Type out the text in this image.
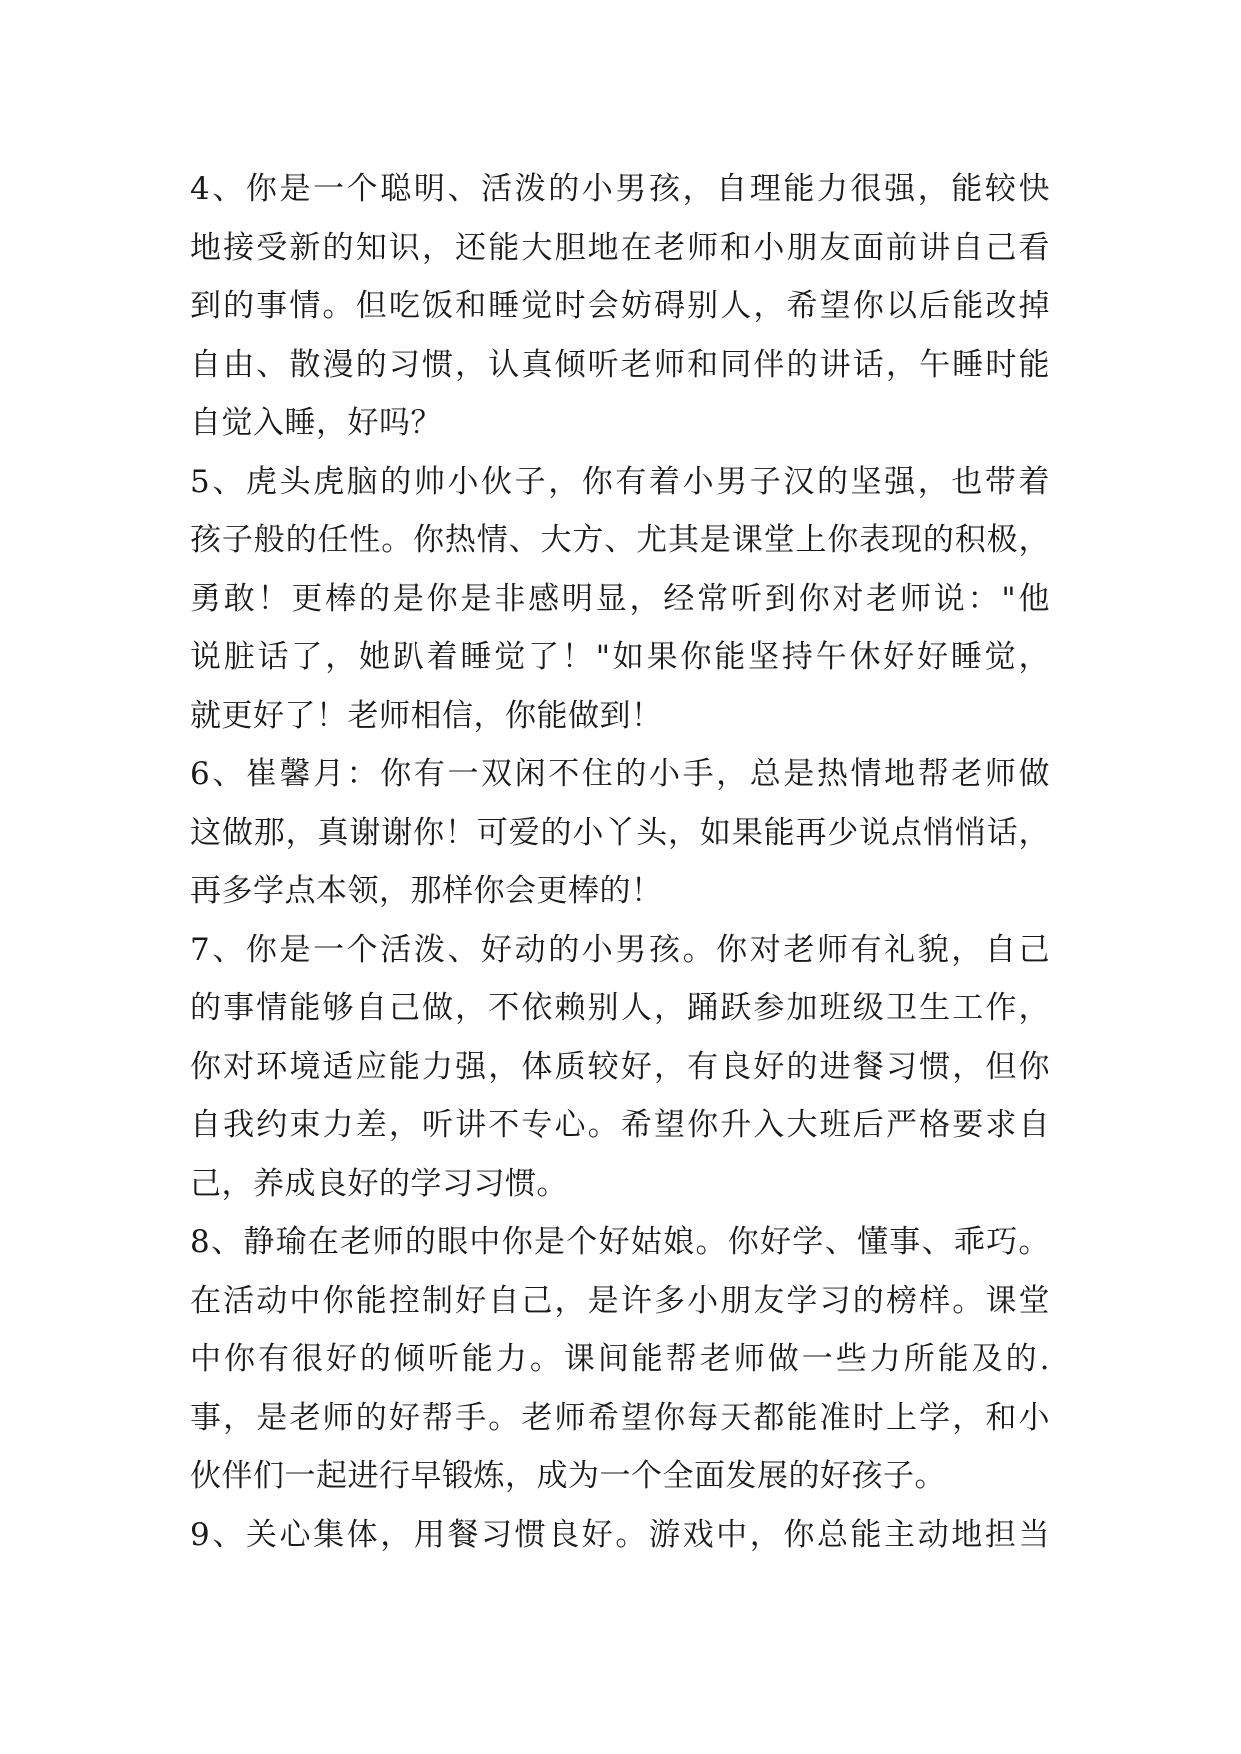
4、你是一个聪明、活泼的小男孩，自理能力很强，能较快
地接受新的知识，还能大胆地在老师和小朋友面前讲自己看
到的事情。但吃饭和睡觉时会妨碍别人，希望你以后能改掉
自由、散漫的习惯，认真倾听老师和同伴的讲话，午睡时能
自觉入睡，好吗？
5、虎头虎脑的帅小伙子，你有着小男子汉的坚强，也带着
孩子般的任性。你热情、大方、尤其是课堂上你表现的积极，
勇敢！更棒的是你是非感明显，经常听到你对老师说："他
说脏话了，她趴着睡觉了！"如果你能坚持午休好好睡觉，
就更好了！老师相信，你能做到！
6、崔馨月：你有一双闲不住的小手，总是热情地帮老师做
这做那，真谢谢你！可爱的小丫头，如果能再少说点悄悄话，
再多学点本领，那样你会更棒的！
7、你是一个活泼、好动的小男孩。你对老师有礼貌，自己
的事情能够自己做，不依赖别人，踊跃参加班级卫生工作，
你对环境适应能力强，体质较好，有良好的进餐习惯，但你
自我约束力差，听讲不专心。希望你升入大班后严格要求自
己，养成良好的学习习惯。
8、静瑜在老师的眼中你是个好姑娘。你好学、懂事、乖巧。
在活动中你能控制好自己，是许多小朋友学习的榜样。课堂
中你有很好的倾听能力。课间能帮老师做一些力所能及的.
事，是老师的好帮手。老师希望你每天都能准时上学，和小
伙伴们一起进行早锻炼，成为一个全面发展的好孩子。
9、关心集体，用餐习惯良好。游戏中，你总能主动地担当
